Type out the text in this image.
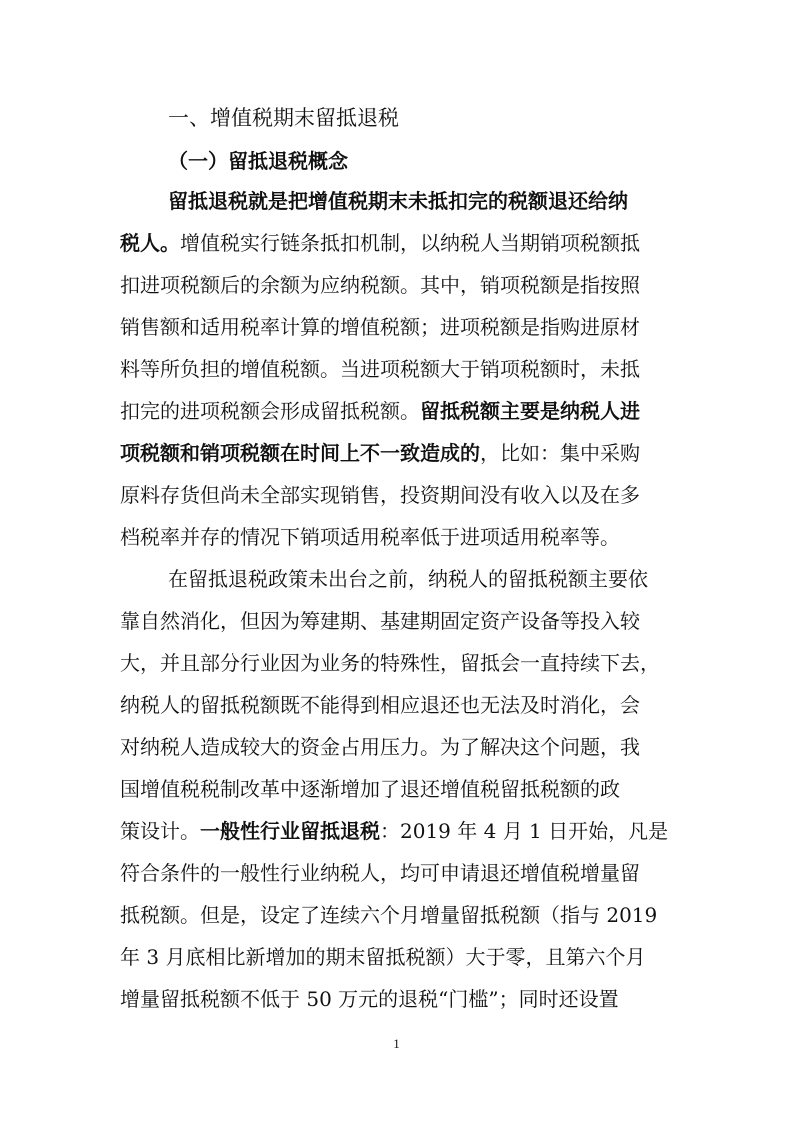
一、增值税期末留抵退税
（一）留抵退税概念
留抵退税就是把增值税期末未抵扣完的税额退还给纳
税人。增值税实行链条抵扣机制，以纳税人当期销项税额抵
扣进项税额后的余额为应纳税额。其中，销项税额是指按照
销售额和适用税率计算的增值税额；进项税额是指购进原材
料等所负担的增值税额。当进项税额大于销项税额时，未抵
扣完的进项税额会形成留抵税额。留抵税额主要是纳税人进
项税额和销项税额在时间上不一致造成的，比如：集中采购
原料存货但尚未全部实现销售，投资期间没有收入以及在多
档税率并存的情况下销项适用税率低于进项适用税率等。
在留抵退税政策未出台之前，纳税人的留抵税额主要依
靠自然消化，但因为筹建期、基建期固定资产设备等投入较
大，并且部分行业因为业务的特殊性，留抵会一直持续下去，
纳税人的留抵税额既不能得到相应退还也无法及时消化，会
对纳税人造成较大的资金占用压力。为了解决这个问题，我
国增值税税制改革中逐渐增加了退还增值税留抵税额的政
策设计。一般性行业留抵退税：2019 年 4 月 1 日开始，凡是
符合条件的一般性行业纳税人，均可申请退还增值税增量留
抵税额。但是，设定了连续六个月增量留抵税额（指与 2019
年 3 月底相比新增加的期末留抵税额）大于零，且第六个月
增量留抵税额不低于 50 万元的退税“门槛”；同时还设置
1
